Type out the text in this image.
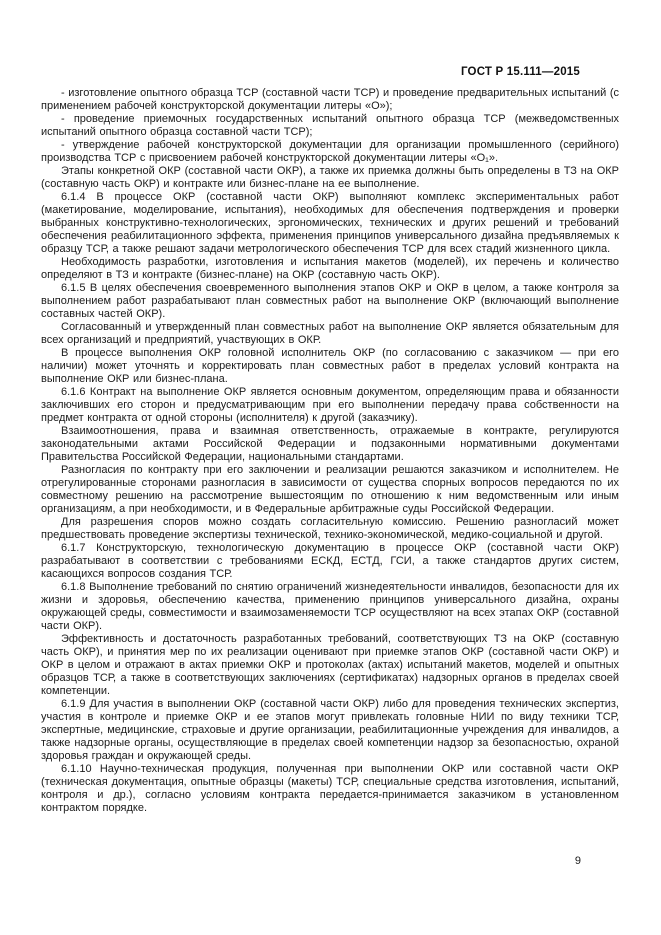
ГОСТ Р 15.111—2015

- изготовление опытного образца ТСР (составной части ТСР) и проведение предварительных испытаний (с применением рабочей конструкторской документации литеры «О»);

- проведение приемочных государственных испытаний опытного образца ТСР (межведомственных испытаний опытного образца составной части ТСР);

- утверждение рабочей конструкторской документации для организации промышленного (серийного) производства ТСР с присвоением рабочей конструкторской документации литеры «О₁».

Этапы конкретной ОКР (составной части ОКР), а также их приемка должны быть определены в ТЗ на ОКР (составную часть ОКР) и контракте или бизнес-плане на ее выполнение.

6.1.4 В процессе ОКР (составной части ОКР) выполняют комплекс экспериментальных работ (макетирование, моделирование, испытания), необходимых для обеспечения подтверждения и проверки выбранных конструктивно-технологических, эргономических, технических и других решений и требований обеспечения реабилитационного эффекта, применения принципов универсального дизайна предъявляемых к образцу ТСР, а также решают задачи метрологического обеспечения ТСР для всех стадий жизненного цикла.

Необходимость разработки, изготовления и испытания макетов (моделей), их перечень и количество определяют в ТЗ и контракте (бизнес-плане) на ОКР (составную часть ОКР).

6.1.5 В целях обеспечения своевременного выполнения этапов ОКР и ОКР в целом, а также контроля за выполнением работ разрабатывают план совместных работ на выполнение ОКР (включающий выполнение составных частей ОКР).

Согласованный и утвержденный план совместных работ на выполнение ОКР является обязательным для всех организаций и предприятий, участвующих в ОКР.

В процессе выполнения ОКР головной исполнитель ОКР (по согласованию с заказчиком — при его наличии) может уточнять и корректировать план совместных работ в пределах условий контракта на выполнение ОКР или бизнес-плана.

6.1.6 Контракт на выполнение ОКР является основным документом, определяющим права и обязанности заключивших его сторон и предусматривающим при его выполнении передачу права собственности на предмет контракта от одной стороны (исполнителя) к другой (заказчику).

Взаимоотношения, права и взаимная ответственность, отражаемые в контракте, регулируются законодательными актами Российской Федерации и подзаконными нормативными документами Правительства Российской Федерации, национальными стандартами.

Разногласия по контракту при его заключении и реализации решаются заказчиком и исполнителем. Не отрегулированные сторонами разногласия в зависимости от существа спорных вопросов передаются по их совместному решению на рассмотрение вышестоящим по отношению к ним ведомственным или иным организациям, а при необходимости, и в Федеральные арбитражные суды Российской Федерации.

Для разрешения споров можно создать согласительную комиссию. Решению разногласий может предшествовать проведение экспертизы технической, технико-экономической, медико-социальной и другой.

6.1.7 Конструкторскую, технологическую документацию в процессе ОКР (составной части ОКР) разрабатывают в соответствии с требованиями ЕСКД, ЕСТД, ГСИ, а также стандартов других систем, касающихся вопросов создания ТСР.

6.1.8 Выполнение требований по снятию ограничений жизнедеятельности инвалидов, безопасности для их жизни и здоровья, обеспечению качества, применению принципов универсального дизайна, охраны окружающей среды, совместимости и взаимозаменяемости ТСР осуществляют на всех этапах ОКР (составной части ОКР).

Эффективность и достаточность разработанных требований, соответствующих ТЗ на ОКР (составную часть ОКР), и принятия мер по их реализации оценивают при приемке этапов ОКР (составной части ОКР) и ОКР в целом и отражают в актах приемки ОКР и протоколах (актах) испытаний макетов, моделей и опытных образцов ТСР, а также в соответствующих заключениях (сертификатах) надзорных органов в пределах своей компетенции.

6.1.9 Для участия в выполнении ОКР (составной части ОКР) либо для проведения технических экспертиз, участия в контроле и приемке ОКР и ее этапов могут привлекать головные НИИ по виду техники ТСР, экспертные, медицинские, страховые и другие организации, реабилитационные учреждения для инвалидов, а также надзорные органы, осуществляющие в пределах своей компетенции надзор за безопасностью, охраной здоровья граждан и окружающей среды.

6.1.10 Научно-техническая продукция, полученная при выполнении ОКР или составной части ОКР (техническая документация, опытные образцы (макеты) ТСР, специальные средства изготовления, испытаний, контроля и др.), согласно условиям контракта передается-принимается заказчиком в установленном контрактом порядке.

9
